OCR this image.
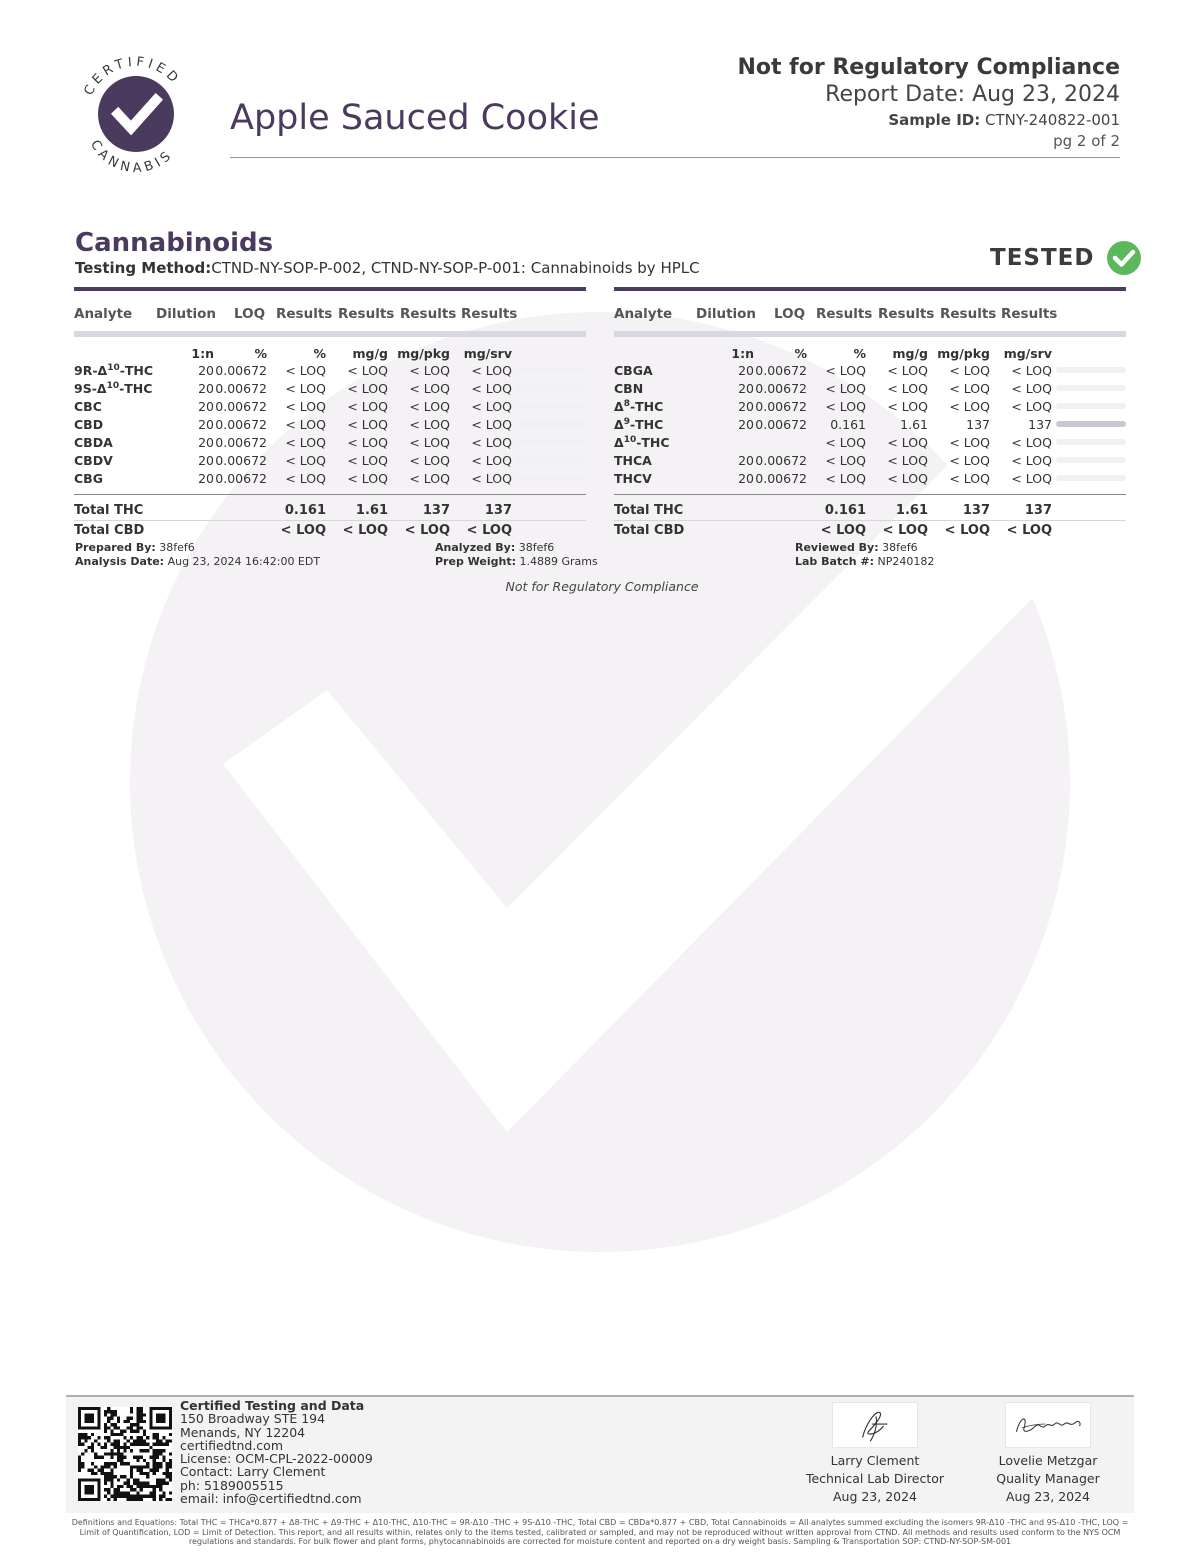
CERTIFIED
CANNABIS
Apple Sauced Cookie
Not for Regulatory Compliance
Report Date: Aug 23, 2024
Sample ID: CTNY-240822-001
pg 2 of 2
Cannabinoids
Testing Method:CTND-NY-SOP-P-002, CTND-NY-SOP-P-001: Cannabinoids by HPLC	TESTED
Analyte Dilution LOQ Results Results Results Results
1:n	%	% mg/g mg/pkg mg/srv
$9R-\Delta^{10}$-THC	20 0.00672 < LOQ < LOQ < LOQ < LOQ
$9S-\Delta^{10}$-THC	20 0.00672 < LOQ < LOQ < LOQ < LOQ
CBC	20 0.00672 < LOQ < LOQ < LOQ < LOQ
CBD	20 0.00672 < LOQ < LOQ < LOQ < LOQ
CBDA	20 0.00672 < LOQ < LOQ < LOQ < LOQ
CBDV	20 0.00672 < LOQ < LOQ < LOQ < LOQ
CBG	20 0.00672 < LOQ < LOQ < LOQ < LOQ
Total THC	0.161 1.61	137	137
Total CBD	< LOQ < LOQ < LOQ < LOQ
Analyte Dilution LOQ Results Results Results Results
1:n	%	% mg/g mg/pkg mg/srv
CBGA	20 0.00672 < LOQ < LOQ < LOQ < LOQ
CBN	20 0.00672 < LOQ < LOQ < LOQ < LOQ
$\Delta^8$-THC	20 0.00672 < LOQ < LOQ < LOQ < LOQ
$\Delta^9$-THC	20 0.00672 0.161	1.61	137	137
$\Delta^{10}$-THC	< LOQ < LOQ < LOQ < LOQ
THCA	20 0.00672 < LOQ < LOQ < LOQ < LOQ
THCV	20 0.00672 < LOQ < LOQ < LOQ < LOQ
Total THC	0.161 1.61	137	137
Total CBD	< LOQ < LOQ < LOQ < LOQ
Prepared By: 38fef6
Analysis Date: Aug 23, 2024 16:42:00 EDT
Analyzed By: 38fef6
Prep Weight: 1.4889 Grams
Reviewed By: 38fef6
Lab Batch #: NP240182
Not for Regulatory Compliance
Certified Testing and Data
150 Broadway STE 194
Menands, NY 12204
certifiedtnd.com
License: OCM-CPL-2022-00009
Contact: Larry Clement
ph: 5189005515
email: info@certifiedtnd.com
Larry Clement
Technical Lab Director
Aug 23, 2024
Lovelie Metzgar
Quality Manager
Aug 23, 2024
Definitions and Equations: Total THC = THCa*0.877 + Δ8-THC + Δ9-THC + Δ10-THC, Δ10-THC = 9R-Δ10 -THC + 9S-Δ10 -THC, Total CBD = CBDa*0.877 + CBD, Total Cannabinoids = All analytes summed excluding the isomers 9R-Δ10 -THC and 9S-Δ10 -THC, LOQ = Limit of Quantification, LOD = Limit of Detection. This report, and all results within, relates only to the items tested, calibrated or sampled, and may not be reproduced without written approval from CTND. All methods and results used conform to the NYS OCM regulations and standards. For bulk flower and plant forms, phytocannabinoids are corrected for moisture content and reported on a dry weight basis. Sampling & Transportation SOP: CTND-NY-SOP-SM-001
